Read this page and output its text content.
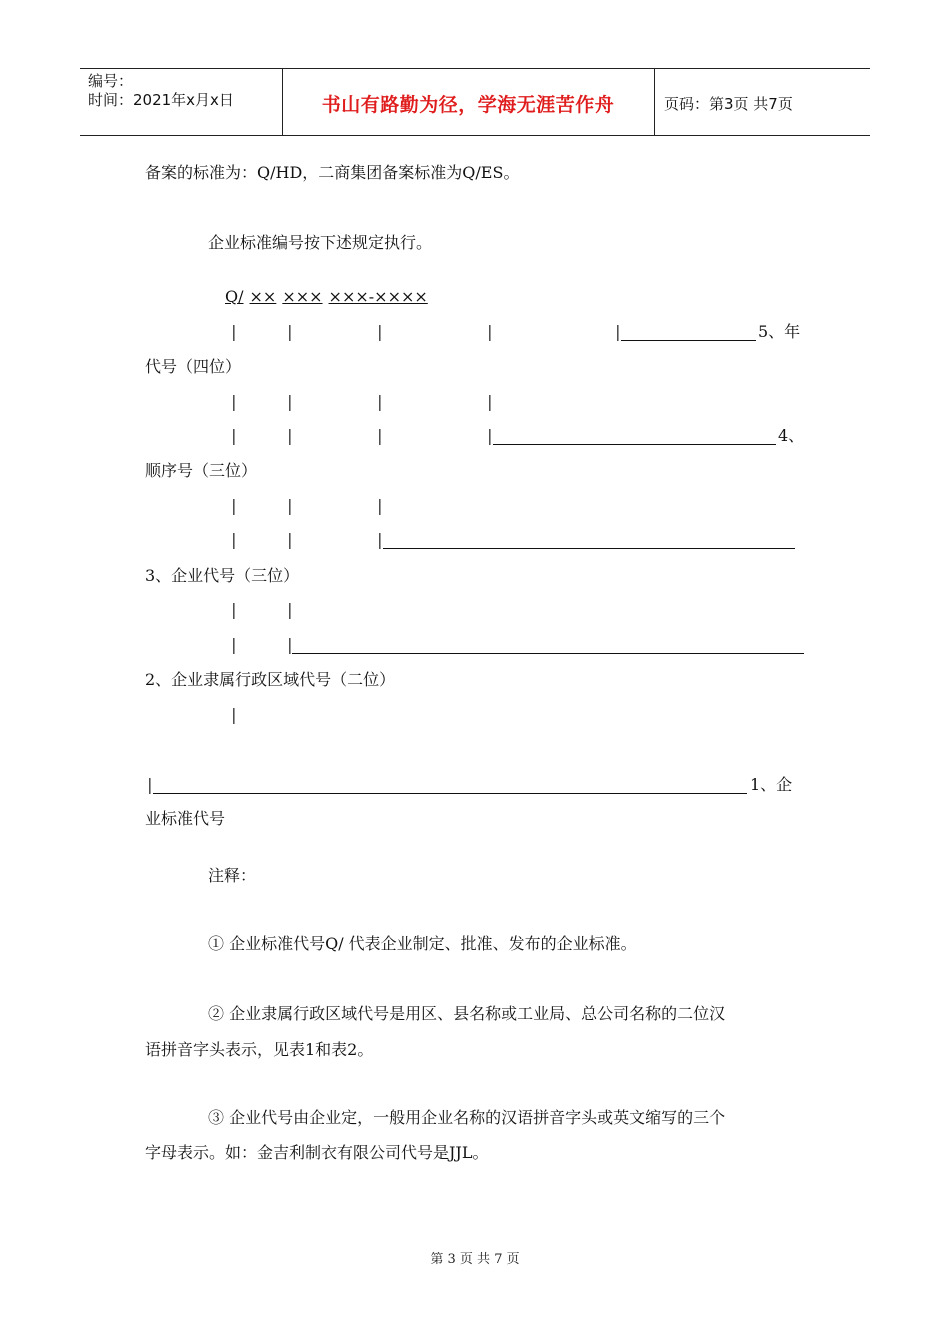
编号：
时间：2021年x月x日	书山有路勤为径，学海无涯苦作舟	页码：第3页 共7页
备案的标准为：Q/HD，二商集团备案标准为Q/ES。
企业标准编号按下述规定执行。
Q/ ×× ××× ×××-××××
|	|	|	|	|	5、年
代号（四位）
|	|	|	|
|	|	|	|	4、
顺序号（三位）
|	|	|
|	|	|
3、企业代号（三位）
|	|
|	|
2、企业隶属行政区域代号（二位）
|
|	1、企
业标准代号
注释：
① 企业标准代号Q/ 代表企业制定、批准、发布的企业标准。
② 企业隶属行政区域代号是用区、县名称或工业局、总公司名称的二位汉
语拼音字头表示，见表1和表2。
③ 企业代号由企业定，一般用企业名称的汉语拼音字头或英文缩写的三个
字母表示。如：金吉利制衣有限公司代号是JJL。
第 3 页 共 7 页
